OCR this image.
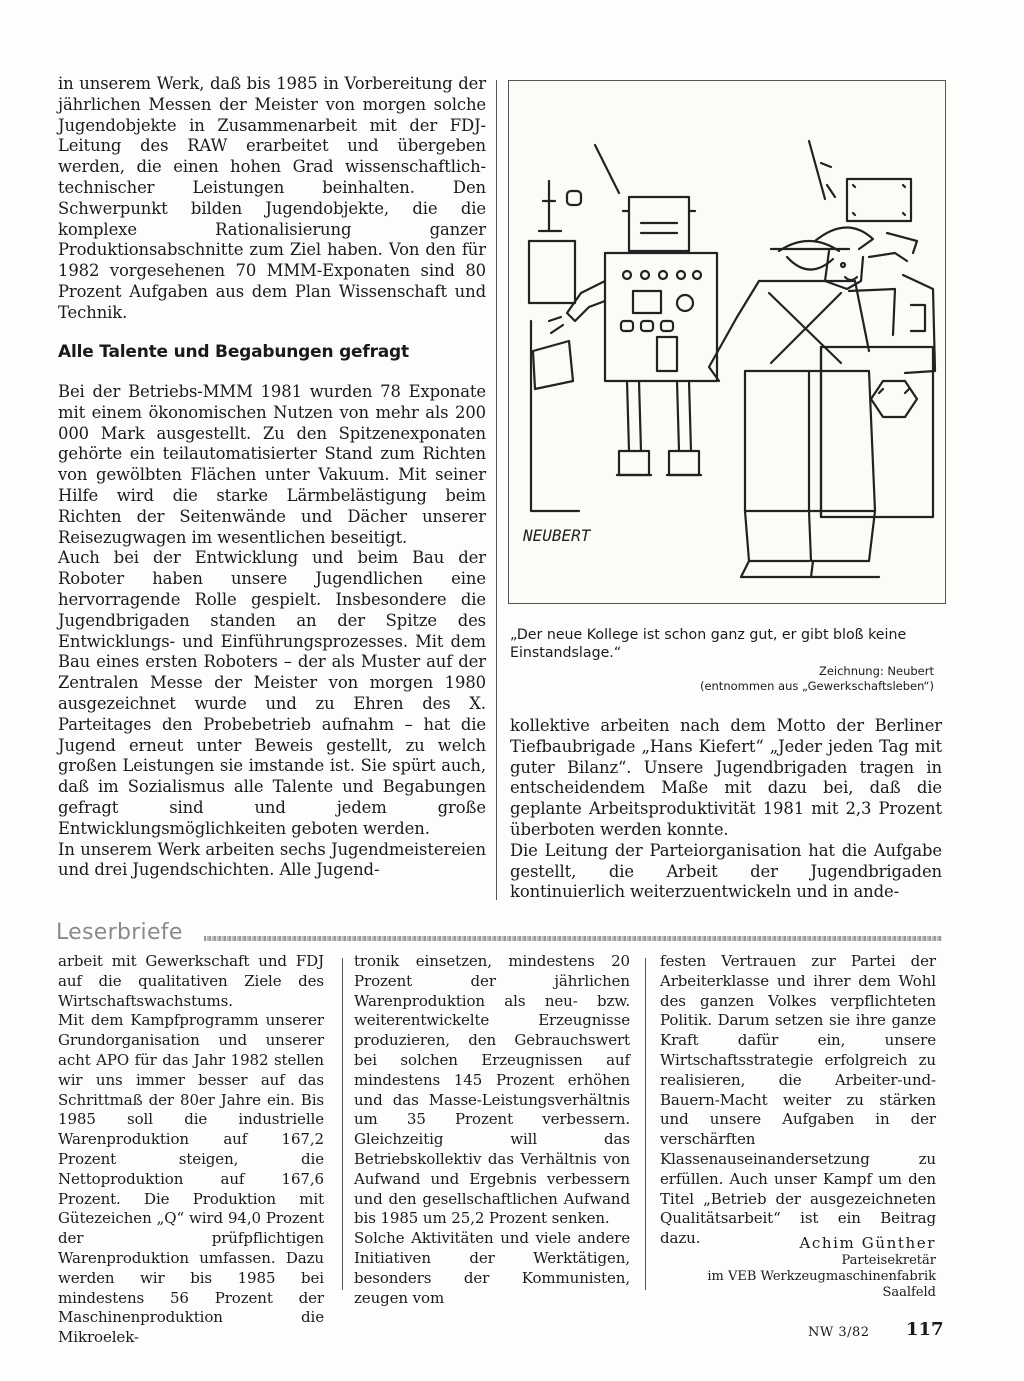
in unserem Werk, daß bis 1985 in Vorbereitung der jährlichen Messen der Meister von morgen solche Jugendobjekte in Zusammenarbeit mit der FDJ-Leitung des RAW erarbeitet und übergeben werden, die einen hohen Grad wissenschaftlich-technischer Leistungen beinhalten. Den Schwerpunkt bilden Jugendobjekte, die die komplexe Rationalisierung ganzer Produktionsabschnitte zum Ziel haben. Von den für 1982 vorgesehenen 70 MMM-Exponaten sind 80 Prozent Aufgaben aus dem Plan Wissenschaft und Technik.

Alle Talente und Begabungen gefragt

Bei der Betriebs-MMM 1981 wurden 78 Exponate mit einem ökonomischen Nutzen von mehr als 200 000 Mark ausgestellt. Zu den Spitzenexponaten gehörte ein teilautomatisierter Stand zum Richten von gewölbten Flächen unter Vakuum. Mit seiner Hilfe wird die starke Lärmbelästigung beim Richten der Seitenwände und Dächer unserer Reisezugwagen im wesentlichen beseitigt.

Auch bei der Entwicklung und beim Bau der Roboter haben unsere Jugendlichen eine hervorragende Rolle gespielt. Insbesondere die Jugendbrigaden standen an der Spitze des Entwicklungs- und Einführungsprozesses. Mit dem Bau eines ersten Roboters – der als Muster auf der Zentralen Messe der Meister von morgen 1980 ausgezeichnet wurde und zu Ehren des X. Parteitages den Probebetrieb aufnahm – hat die Jugend erneut unter Beweis gestellt, zu welch großen Leistungen sie imstande ist. Sie spürt auch, daß im Sozialismus alle Talente und Begabungen gefragt sind und jedem große Entwicklungsmöglichkeiten geboten werden.

In unserem Werk arbeiten sechs Jugendmeistereien und drei Jugendschichten. Alle Jugend-

NEUBERT
„Der neue Kollege ist schon ganz gut, er gibt bloß keine Einstandslage.“
Zeichnung: Neubert
(entnommen aus „Gewerkschaftsleben“)

kollektive arbeiten nach dem Motto der Berliner Tiefbaubrigade „Hans Kiefert“ „Jeder jeden Tag mit guter Bilanz“. Unsere Jugendbrigaden tragen in entscheidendem Maße mit dazu bei, daß die geplante Arbeitsproduktivität 1981 mit 2,3 Prozent überboten werden konnte.

Die Leitung der Parteiorganisation hat die Aufgabe gestellt, die Arbeit der Jugendbrigaden kontinuierlich weiterzuentwickeln und in ande-

Leserbriefe

arbeit mit Gewerkschaft und FDJ auf die qualitativen Ziele des Wirtschaftswachstums.

Mit dem Kampfprogramm unserer Grundorganisation und unserer acht APO für das Jahr 1982 stellen wir uns immer besser auf das Schrittmaß der 80er Jahre ein. Bis 1985 soll die industrielle Warenproduktion auf 167,2 Prozent steigen, die Nettoproduktion auf 167,6 Prozent. Die Produktion mit Gütezeichen „Q“ wird 94,0 Prozent der prüfpflichtigen Warenproduktion umfassen. Dazu werden wir bis 1985 bei mindestens 56 Prozent der Maschinenproduktion die Mikroelek-

tronik einsetzen, mindestens 20 Prozent der jährlichen Warenproduktion als neu- bzw. weiterentwickelte Erzeugnisse produzieren, den Gebrauchswert bei solchen Erzeugnissen auf mindestens 145 Prozent erhöhen und das Masse-Leistungsverhältnis um 35 Prozent verbessern. Gleichzeitig will das Betriebskollektiv das Verhältnis von Aufwand und Ergebnis verbessern und den gesellschaftlichen Aufwand bis 1985 um 25,2 Prozent senken.

Solche Aktivitäten und viele andere Initiativen der Werktätigen, besonders der Kommunisten, zeugen vom

festen Vertrauen zur Partei der Arbeiterklasse und ihrer dem Wohl des ganzen Volkes verpflichteten Politik. Darum setzen sie ihre ganze Kraft dafür ein, unsere Wirtschaftsstrategie erfolgreich zu realisieren, die Arbeiter-und-Bauern-Macht weiter zu stärken und unsere Aufgaben in der verschärften Klassenauseinandersetzung zu erfüllen. Auch unser Kampf um den Titel „Betrieb der ausgezeichneten Qualitätsarbeit“ ist ein Beitrag dazu.	Achim Günther
Parteisekretär
im VEB Werkzeugmaschinenfabrik
Saalfeld
NW 3/82 117
